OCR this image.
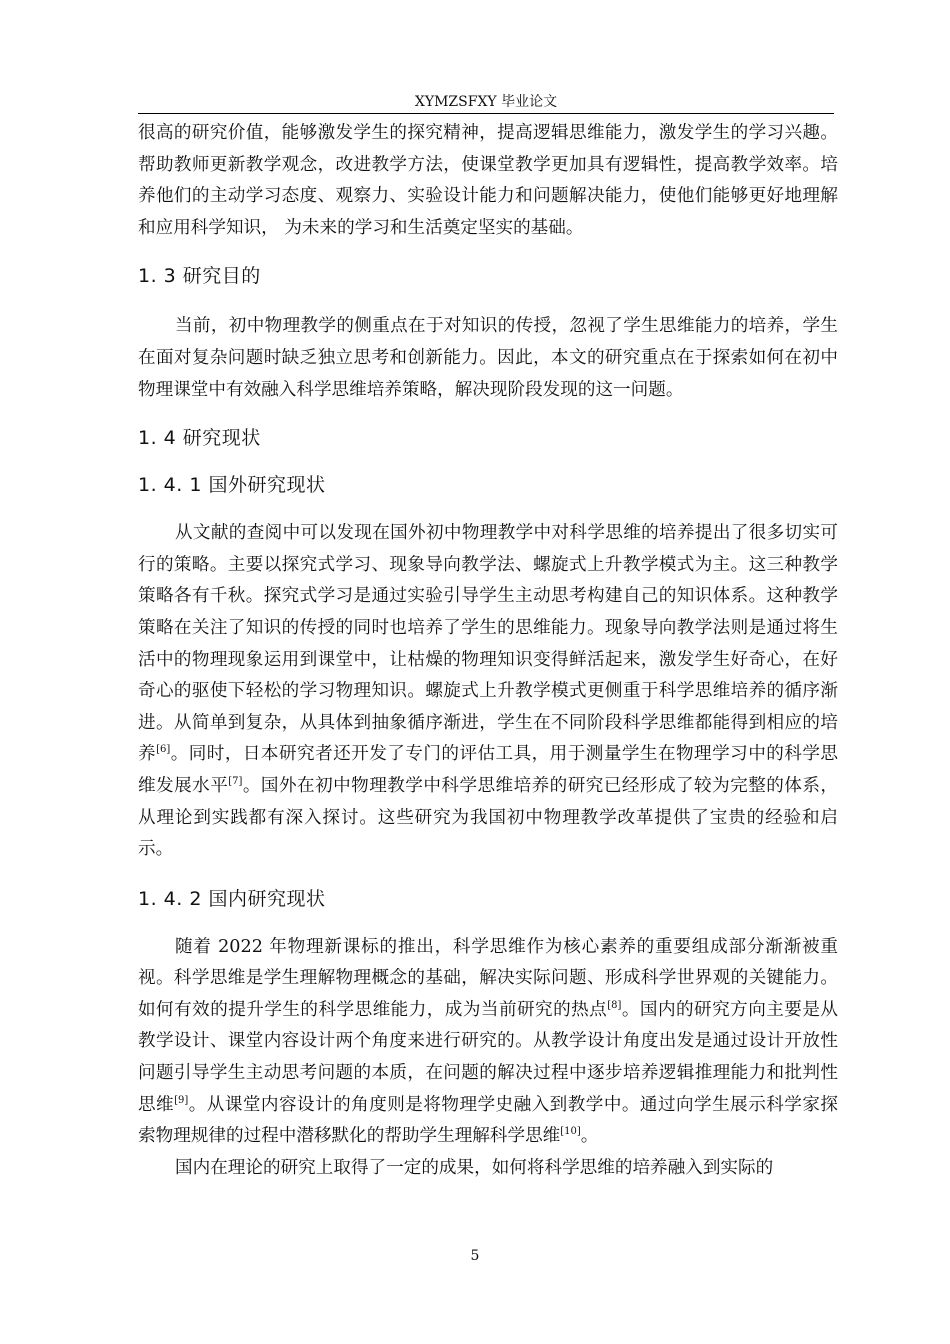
XYMZSFXY 毕业论文

很高的研究价值，能够激发学生的探究精神，提高逻辑思维能力，激发学生的学习兴趣。帮助教师更新教学观念，改进教学方法，使课堂教学更加具有逻辑性，提高教学效率。培养他们的主动学习态度、观察力、实验设计能力和问题解决能力，使他们能够更好地理解和应用科学知识， 为未来的学习和生活奠定坚实的基础。

1. 3 研究目的

当前，初中物理教学的侧重点在于对知识的传授，忽视了学生思维能力的培养，学生在面对复杂问题时缺乏独立思考和创新能力。因此，本文的研究重点在于探索如何在初中物理课堂中有效融入科学思维培养策略，解决现阶段发现的这一问题。

1. 4 研究现状
1. 4. 1 国外研究现状

从文献的查阅中可以发现在国外初中物理教学中对科学思维的培养提出了很多切实可行的策略。主要以探究式学习、现象导向教学法、螺旋式上升教学模式为主。这三种教学策略各有千秋。探究式学习是通过实验引导学生主动思考构建自己的知识体系。这种教学策略在关注了知识的传授的同时也培养了学生的思维能力。现象导向教学法则是通过将生活中的物理现象运用到课堂中，让枯燥的物理知识变得鲜活起来，激发学生好奇心，在好奇心的驱使下轻松的学习物理知识。螺旋式上升教学模式更侧重于科学思维培养的循序渐进。从简单到复杂，从具体到抽象循序渐进，学生在不同阶段科学思维都能得到相应的培养[6]。同时，日本研究者还开发了专门的评估工具，用于测量学生在物理学习中的科学思维发展水平[7]。国外在初中物理教学中科学思维培养的研究已经形成了较为完整的体系，从理论到实践都有深入探讨。这些研究为我国初中物理教学改革提供了宝贵的经验和启示。

1. 4. 2 国内研究现状

随着 2022 年物理新课标的推出，科学思维作为核心素养的重要组成部分渐渐被重视。科学思维是学生理解物理概念的基础，解决实际问题、形成科学世界观的关键能力。如何有效的提升学生的科学思维能力，成为当前研究的热点[8]。国内的研究方向主要是从教学设计、课堂内容设计两个角度来进行研究的。从教学设计角度出发是通过设计开放性问题引导学生主动思考问题的本质，在问题的解决过程中逐步培养逻辑推理能力和批判性思维[9]。从课堂内容设计的角度则是将物理学史融入到教学中。通过向学生展示科学家探索物理规律的过程中潜移默化的帮助学生理解科学思维[10]。

国内在理论的研究上取得了一定的成果，如何将科学思维的培养融入到实际的

5
